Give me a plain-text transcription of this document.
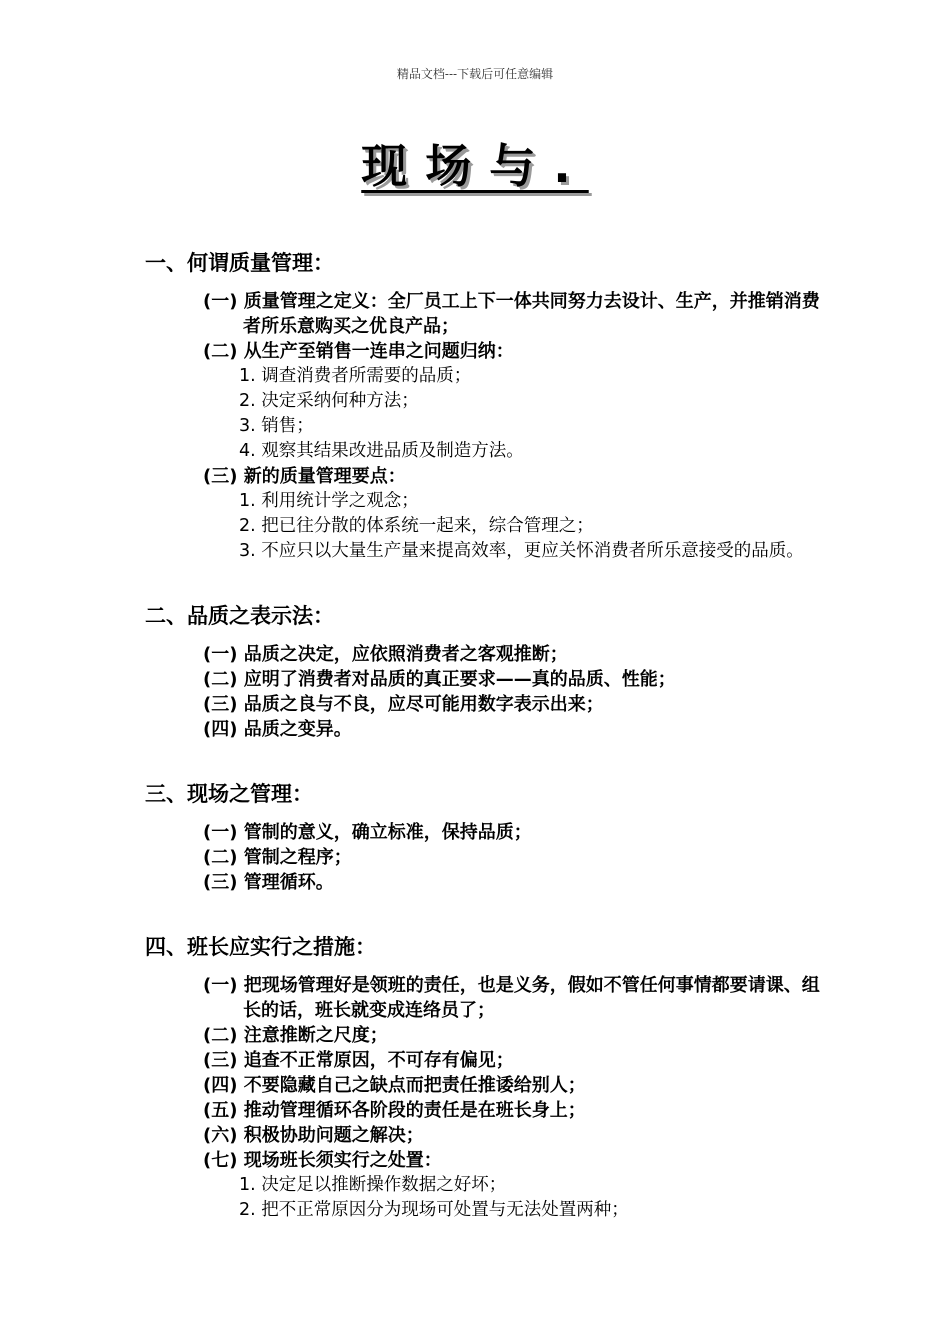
精品文档---下载后可任意编辑
现场与.
一、何谓质量管理：
(一) 质量管理之定义：全厂员工上下一体共同努力去设计、生产，并推销消费者所乐意购买之优良产品；
(二) 从生产至销售一连串之问题归纳：
1. 调查消费者所需要的品质；
2. 决定采纳何种方法；
3. 销售；
4. 观察其结果改进品质及制造方法。
(三) 新的质量管理要点：
1. 利用统计学之观念；
2. 把已往分散的体系统一起来，综合管理之；
3. 不应只以大量生产量来提高效率，更应关怀消费者所乐意接受的品质。
二、品质之表示法：
(一) 品质之决定，应依照消费者之客观推断；
(二) 应明了消费者对品质的真正要求——真的品质、性能；
(三) 品质之良与不良，应尽可能用数字表示出来；
(四) 品质之变异。
三、现场之管理：
(一) 管制的意义，确立标准，保持品质；
(二) 管制之程序；
(三) 管理循环。
四、班长应实行之措施：
(一) 把现场管理好是领班的责任，也是义务，假如不管任何事情都要请课、组长的话，班长就变成连络员了；
(二) 注意推断之尺度；
(三) 追查不正常原因，不可存有偏见；
(四) 不要隐藏自己之缺点而把责任推诿给别人；
(五) 推动管理循环各阶段的责任是在班长身上；
(六) 积极协助问题之解决；
(七) 现场班长须实行之处置：
1. 决定足以推断操作数据之好坏；
2. 把不正常原因分为现场可处置与无法处置两种；
